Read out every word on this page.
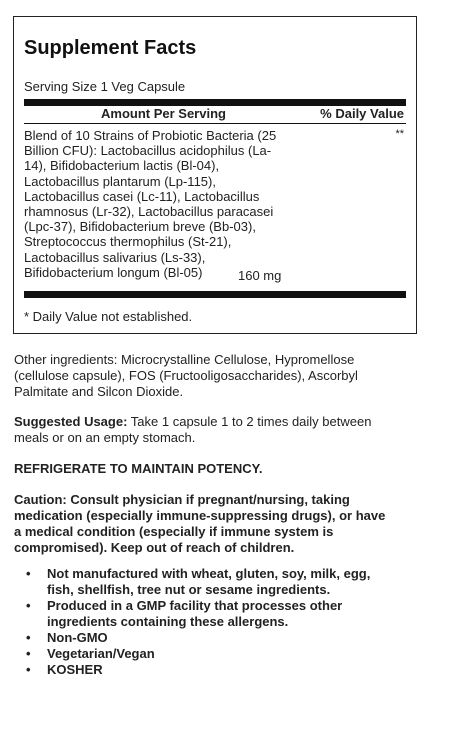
Supplement Facts
Serving Size 1 Veg Capsule
Amount Per Serving	% Daily Value
Blend of 10 Strains of Probiotic Bacteria (25
Billion CFU): Lactobacillus acidophilus (La-
14), Bifidobacterium lactis (Bl-04),
Lactobacillus plantarum (Lp-115),
Lactobacillus casei (Lc-11), Lactobacillus
rhamnosus (Lr-32), Lactobacillus paracasei
(Lpc-37), Bifidobacterium breve (Bb-03),
Streptococcus thermophilus (St-21),
Lactobacillus salivarius (Ls-33),
Bifidobacterium longum (Bl-05)	160 mg
**
* Daily Value not established.
Other ingredients: Microcrystalline Cellulose, Hypromellose
(cellulose capsule), FOS (Fructooligosaccharides), Ascorbyl
Palmitate and Silcon Dioxide.
Suggested Usage: Take 1 capsule 1 to 2 times daily between
meals or on an empty stomach.
REFRIGERATE TO MAINTAIN POTENCY.
Caution: Consult physician if pregnant/nursing, taking
medication (especially immune-suppressing drugs), or have
a medical condition (especially if immune system is
compromised). Keep out of reach of children.
• Not manufactured with wheat, gluten, soy, milk, egg,
fish, shellfish, tree nut or sesame ingredients.
• Produced in a GMP facility that processes other
ingredients containing these allergens.
• Non-GMO
• Vegetarian/Vegan
• KOSHER
